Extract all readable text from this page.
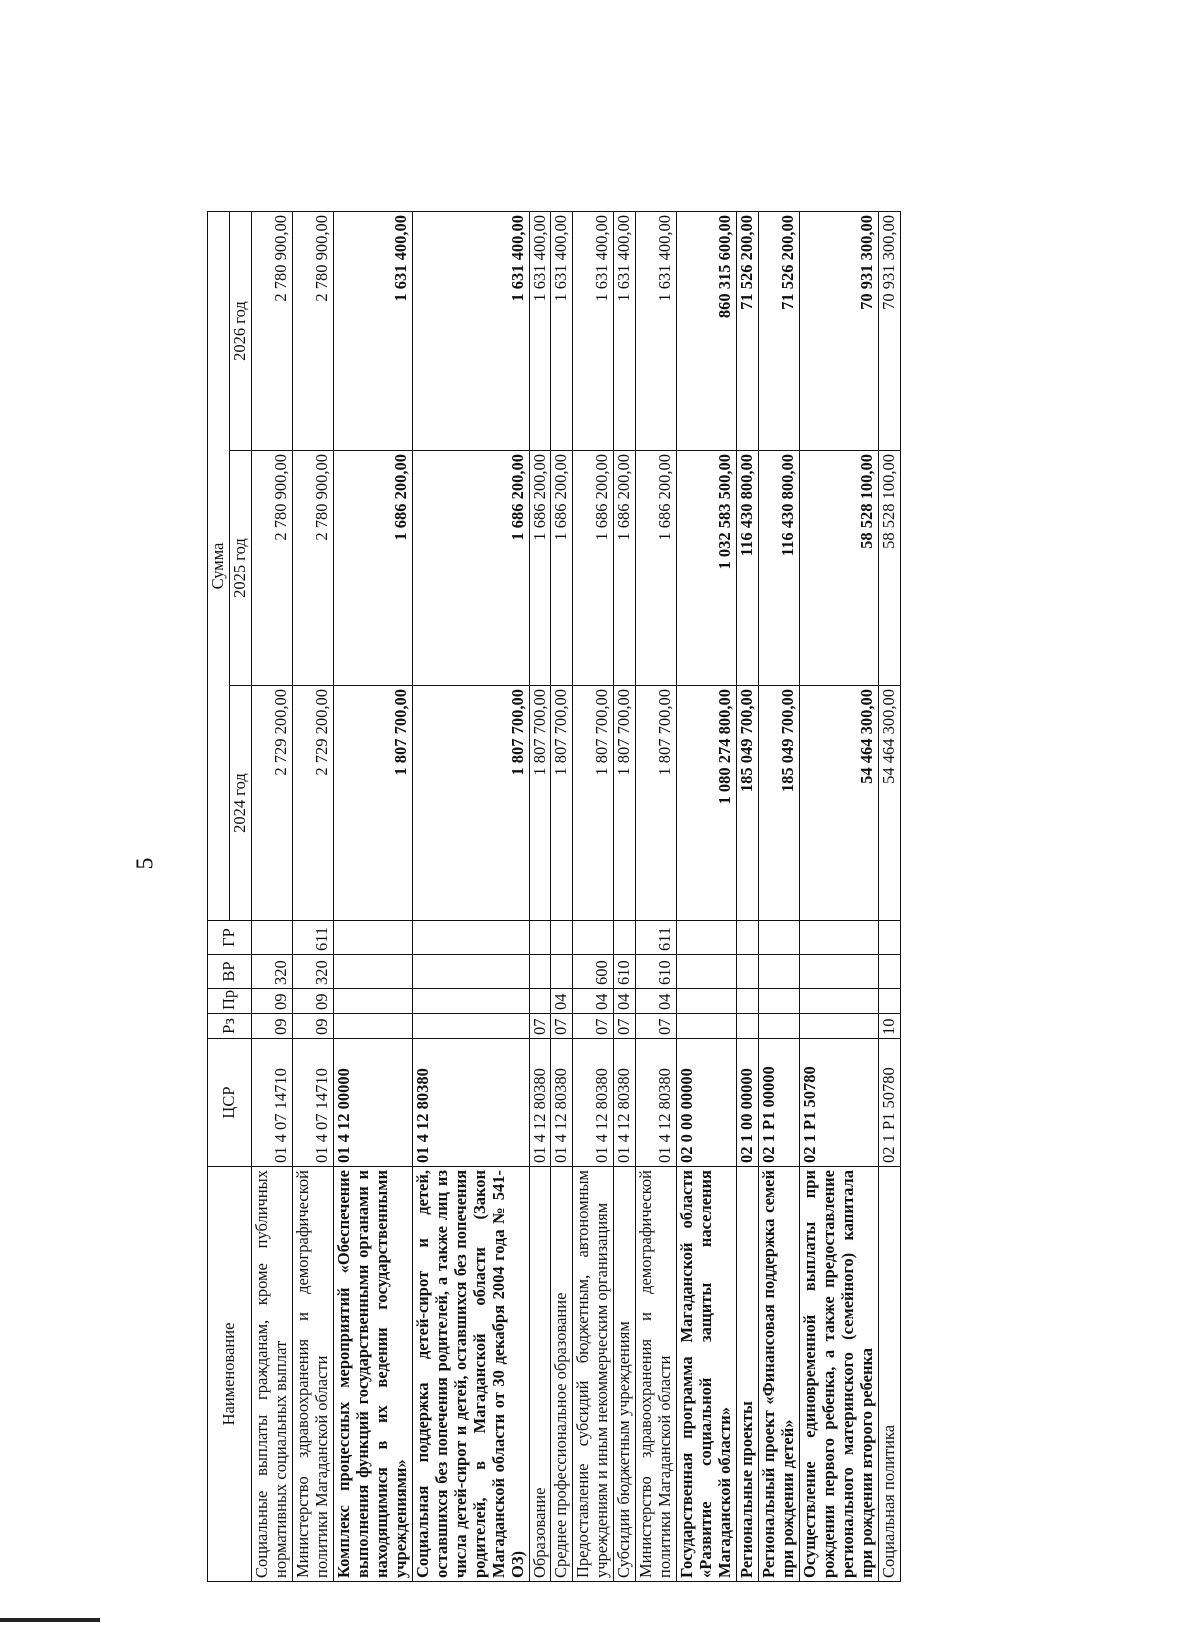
5
Наименование	ЦСР	Рз	Пр	ВР	ГР	Сумма		
						2024 год	2025 год	2026 год
Социальные выплаты гражданам, кроме публичных нормативных социальных выплат	01 4 07 14710	09	09	320		2 729 200,00	2 780 900,00	2 780 900,00
Министерство здравоохранения и демографической политики Магаданской области	01 4 07 14710	09	09	320	611	2 729 200,00	2 780 900,00	2 780 900,00
Комплекс процессных мероприятий «Обеспечение выполнения функций государственными органами и находящимися в их ведении государственными учреждениями»	01 4 12 00000					1 807 700,00	1 686 200,00	1 631 400,00
Социальная поддержка детей-сирот и детей, оставшихся без попечения родителей, а также лиц из числа детей-сирот и детей, оставшихся без попечения родителей, в Магаданской области (Закон Магаданской области от 30 декабря 2004 года № 541-ОЗ)	01 4 12 80380					1 807 700,00	1 686 200,00	1 631 400,00
Образование	01 4 12 80380	07				1 807 700,00	1 686 200,00	1 631 400,00
Среднее профессиональное образование	01 4 12 80380	07	04			1 807 700,00	1 686 200,00	1 631 400,00
Предоставление субсидий бюджетным, автономным учреждениям и иным некоммерческим организациям	01 4 12 80380	07	04	600		1 807 700,00	1 686 200,00	1 631 400,00
Субсидии бюджетным учреждениям	01 4 12 80380	07	04	610		1 807 700,00	1 686 200,00	1 631 400,00
Министерство здравоохранения и демографической политики Магаданской области	01 4 12 80380	07	04	610	611	1 807 700,00	1 686 200,00	1 631 400,00
Государственная программа Магаданской области «Развитие социальной защиты населения Магаданской области»	02 0 00 00000					1 080 274 800,00	1 032 583 500,00	860 315 600,00
Региональные проекты	02 1 00 00000					185 049 700,00	116 430 800,00	71 526 200,00
Региональный проект «Финансовая поддержка семей при рождении детей»	02 1 Р1 00000					185 049 700,00	116 430 800,00	71 526 200,00
Осуществление единовременной выплаты при рождении первого ребенка, а также предоставление регионального материнского (семейного) капитала при рождении второго ребенка	02 1 Р1 50780					54 464 300,00	58 528 100,00	70 931 300,00
Социальная политика	02 1 Р1 50780	10				54 464 300,00	58 528 100,00	70 931 300,00
